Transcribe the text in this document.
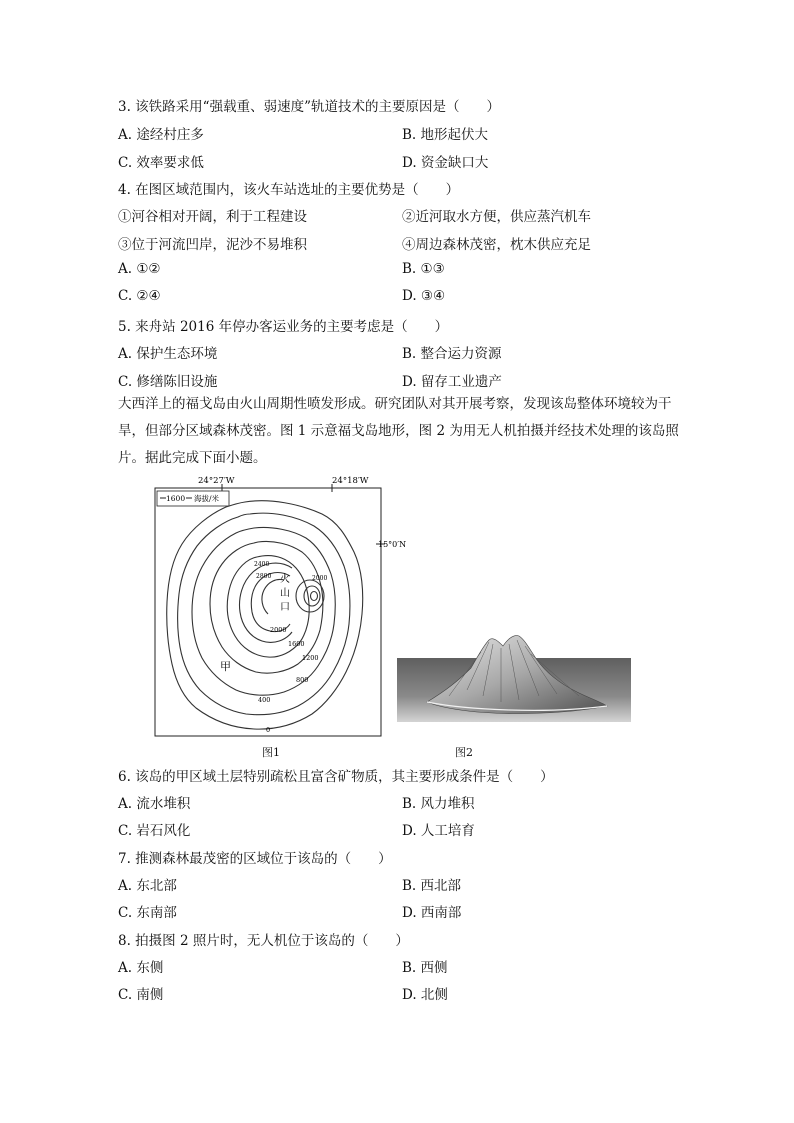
3. 该铁路采用“强载重、弱速度”轨道技术的主要原因是（　　）
A. 途经村庄多	B. 地形起伏大
C. 效率要求低	D. 资金缺口大
4. 在图区域范围内，该火车站选址的主要优势是（　　）
①河谷相对开阔，利于工程建设	②近河取水方便，供应蒸汽机车
③位于河流凹岸，泥沙不易堆积	④周边森林茂密，枕木供应充足
A. ①②	B. ①③
C. ②④	D. ③④
5. 来舟站 2016 年停办客运业务的主要考虑是（　　）
A. 保护生态环境	B. 整合运力资源
C. 修缮陈旧设施	D. 留存工业遗产
大西洋上的福戈岛由火山周期性喷发形成。研究团队对其开展考察，发现该岛整体环境较为干旱，但部分区域森林茂密。图 1 示意福戈岛地形，图 2 为用无人机拍摄并经技术处理的该岛照片。据此完成下面小题。
24°27′W	24°18′W
15°0′N
1600 海拔/米
火
山
口
甲
0
400
800
1200
1600
2000
2000
2400
2800
图1	图2
6. 该岛的甲区域土层特别疏松且富含矿物质，其主要形成条件是（　　）
A. 流水堆积	B. 风力堆积
C. 岩石风化	D. 人工培育
7. 推测森林最茂密的区域位于该岛的（　　）
A. 东北部	B. 西北部
C. 东南部	D. 西南部
8. 拍摄图 2 照片时，无人机位于该岛的（　　）
A. 东侧	B. 西侧
C. 南侧	D. 北侧
